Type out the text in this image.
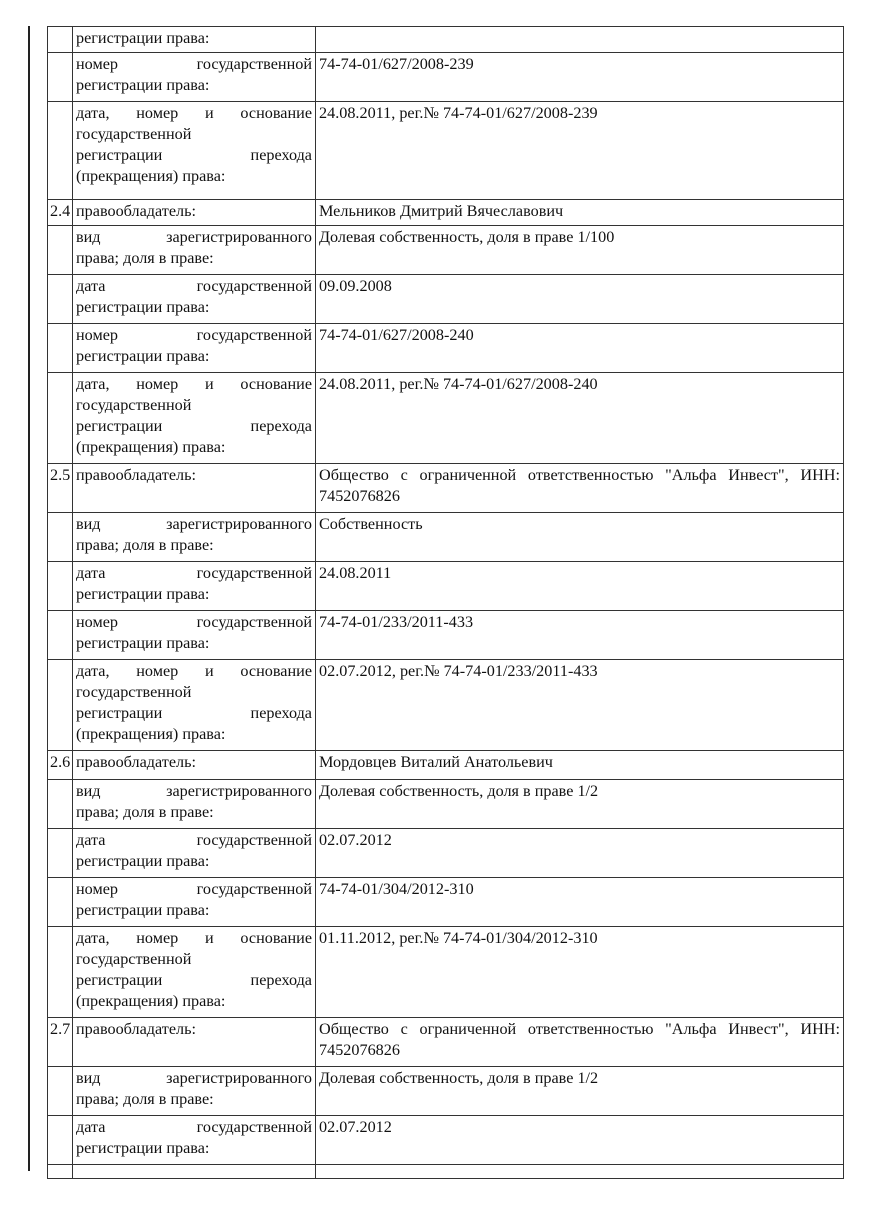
	регистрации права:	

	номер государственной
регистрации права:	74-74-01/627/2008-239

	дата, номер и основание
государственной
регистрации перехода
(прекращения) права:	24.08.2011, рег.№ 74-74-01/627/2008-239
2.4	правообладатель:	Мельников Дмитрий Вячеславович

	вид зарегистрированного
права; доля в праве:	Долевая собственность, доля в праве 1/100

	дата государственной
регистрации права:	09.09.2008

	номер государственной
регистрации права:	74-74-01/627/2008-240

	дата, номер и основание
государственной
регистрации перехода
(прекращения) права:	24.08.2011, рег.№ 74-74-01/627/2008-240
2.5	правообладатель:	Общество с ограниченной ответственностью "Альфа Инвест", ИНН: 7452076826

	вид зарегистрированного
права; доля в праве:	Собственность

	дата государственной
регистрации права:	24.08.2011

	номер государственной
регистрации права:	74-74-01/233/2011-433

	дата, номер и основание
государственной
регистрации перехода
(прекращения) права:	02.07.2012, рег.№ 74-74-01/233/2011-433
2.6	правообладатель:	Мордовцев Виталий Анатольевич

	вид зарегистрированного
права; доля в праве:	Долевая собственность, доля в праве 1/2

	дата государственной
регистрации права:	02.07.2012

	номер государственной
регистрации права:	74-74-01/304/2012-310

	дата, номер и основание
государственной
регистрации перехода
(прекращения) права:	01.11.2012, рег.№ 74-74-01/304/2012-310
2.7	правообладатель:	Общество с ограниченной ответственностью "Альфа Инвест", ИНН: 7452076826

	вид зарегистрированного
права; доля в праве:	Долевая собственность, доля в праве 1/2

	дата государственной
регистрации права:	02.07.2012
